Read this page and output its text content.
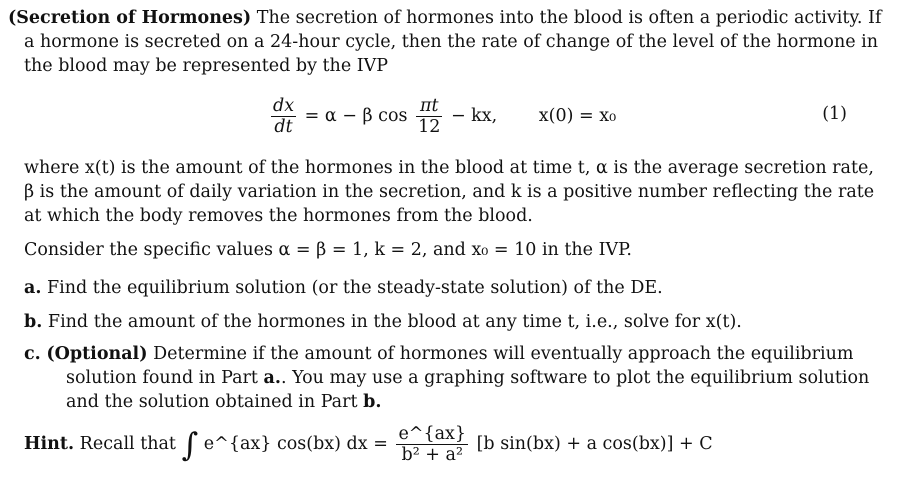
(Secretion of Hormones) The secretion of hormones into the blood is often a periodic activity. If
a hormone is secreted on a 24-hour cycle, then the rate of change of the level of the hormone in
the blood may be represented by the IVP
$\frac{dx}{dt} = \alpha - \beta$ $\cos \frac{\pi t}{12}$ − kx, x(0) = x₀	(1)
where x(t) is the amount of the hormones in the blood at time t, α is the average secretion rate,
β is the amount of daily variation in the secretion, and k is a positive number reflecting the rate
at which the body removes the hormones from the blood.
Consider the specific values α = β = 1, k = 2, and x₀ = 10 in the IVP.
a. Find the equilibrium solution (or the steady-state solution) of the DE.
b. Find the amount of the hormones in the blood at any time t, i.e., solve for x(t).
c. (Optional) Determine if the amount of hormones will eventually approach the equilibrium
solution found in Part a.. You may use a graphing software to plot the equilibrium solution
and the solution obtained in Part b.
Hint. Recall that ∫ e^{ax} cos(bx) dx = $\frac{e\^{}\{ax\}}{\text{b² + a²}} [b$ sin(bx) + a cos(bx)] + C
